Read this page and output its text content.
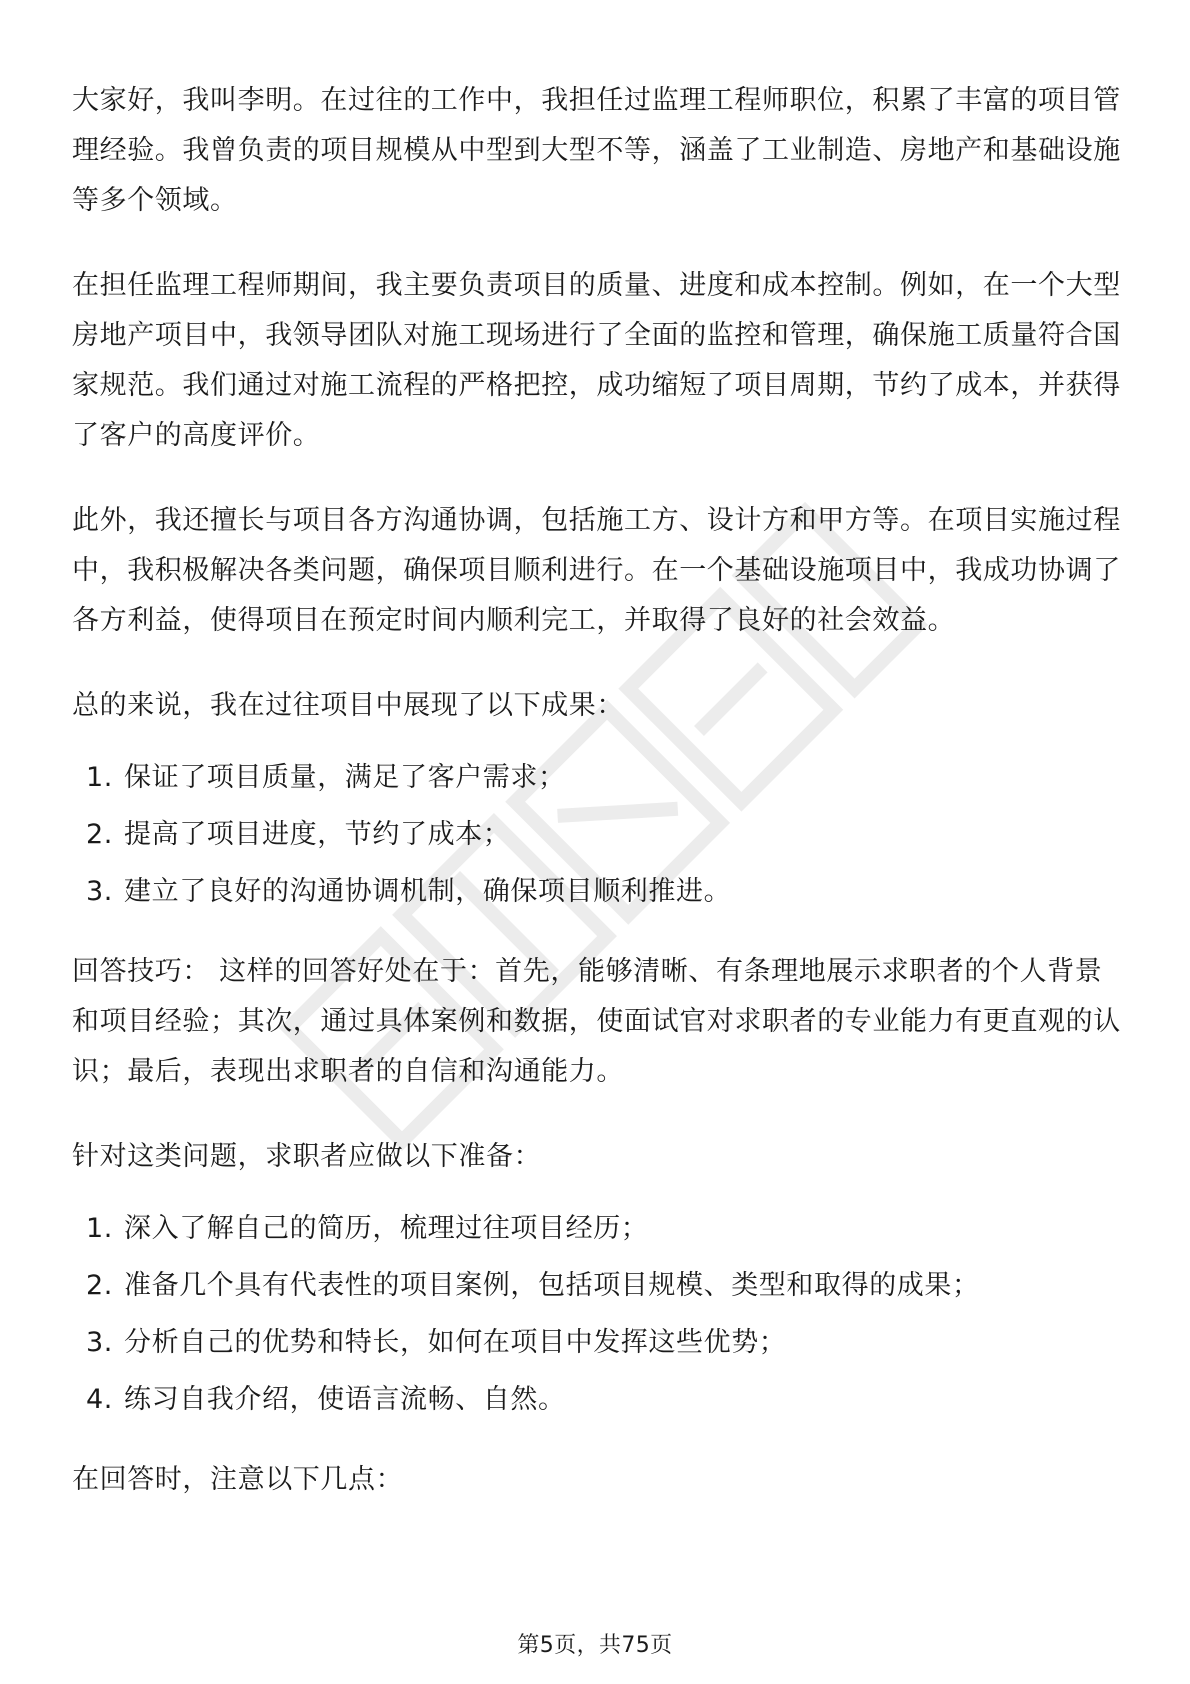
大家好，我叫李明。在过往的工作中，我担任过监理工程师职位，积累了丰富的项目管理经验。我曾负责的项目规模从中型到大型不等，涵盖了工业制造、房地产和基础设施等多个领域。

在担任监理工程师期间，我主要负责项目的质量、进度和成本控制。例如，在一个大型房地产项目中，我领导团队对施工现场进行了全面的监控和管理，确保施工质量符合国家规范。我们通过对施工流程的严格把控，成功缩短了项目周期，节约了成本，并获得了客户的高度评价。

此外，我还擅长与项目各方沟通协调，包括施工方、设计方和甲方等。在项目实施过程中，我积极解决各类问题，确保项目顺利进行。在一个基础设施项目中，我成功协调了各方利益，使得项目在预定时间内顺利完工，并取得了良好的社会效益。

总的来说，我在过往项目中展现了以下成果：

1. 保证了项目质量，满足了客户需求；
2. 提高了项目进度，节约了成本；
3. 建立了良好的沟通协调机制，确保项目顺利推进。

回答技巧： 这样的回答好处在于：首先，能够清晰、有条理地展示求职者的个人背景和项目经验；其次，通过具体案例和数据，使面试官对求职者的专业能力有更直观的认识；最后，表现出求职者的自信和沟通能力。

针对这类问题，求职者应做以下准备：

1. 深入了解自己的简历，梳理过往项目经历；
2. 准备几个具有代表性的项目案例，包括项目规模、类型和取得的成果；
3. 分析自己的优势和特长，如何在项目中发挥这些优势；
4. 练习自我介绍，使语言流畅、自然。

在回答时，注意以下几点：

第5页，共75页
